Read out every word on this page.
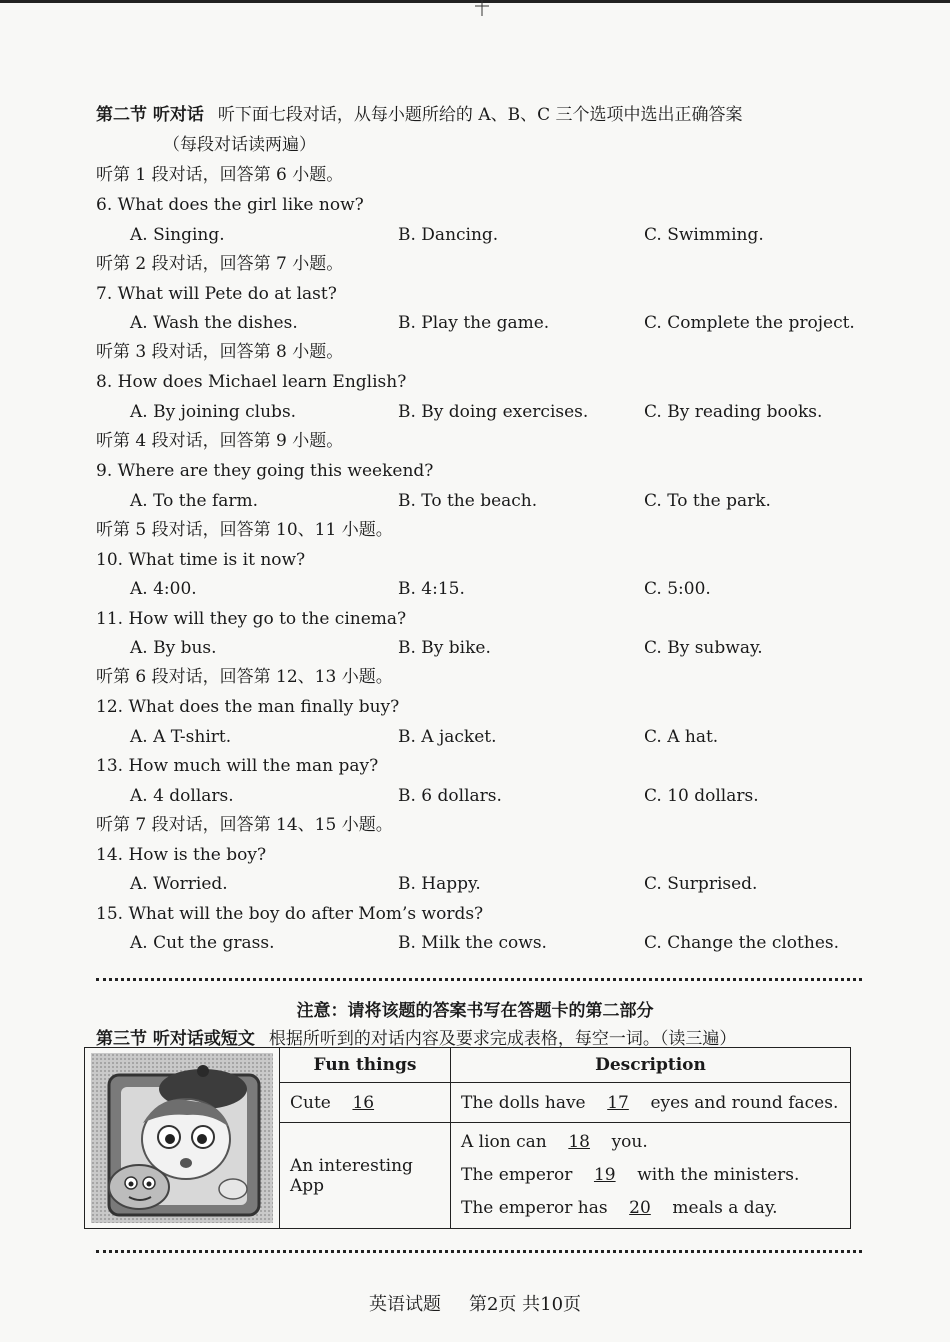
第二节 听对话 听下面七段对话，从每小题所给的 A、B、C 三个选项中选出正确答案
（每段对话读两遍）
听第 1 段对话，回答第 6 小题。
6. What does the girl like now?
A. Singing.	B. Dancing.	C. Swimming.
听第 2 段对话，回答第 7 小题。
7. What will Pete do at last?
A. Wash the dishes.	B. Play the game.	C. Complete the project.
听第 3 段对话，回答第 8 小题。
8. How does Michael learn English?
A. By joining clubs.	B. By doing exercises.	C. By reading books.
听第 4 段对话，回答第 9 小题。
9. Where are they going this weekend?
A. To the farm.	B. To the beach.	C. To the park.
听第 5 段对话，回答第 10、11 小题。
10. What time is it now?
A. 4:00.	B. 4:15.	C. 5:00.
11. How will they go to the cinema?
A. By bus.	B. By bike.	C. By subway.
听第 6 段对话，回答第 12、13 小题。
12. What does the man finally buy?
A. A T-shirt.	B. A jacket.	C. A hat.
13. How much will the man pay?
A. 4 dollars.	B. 6 dollars.	C. 10 dollars.
听第 7 段对话，回答第 14、15 小题。
14. How is the boy?
A. Worried.	B. Happy.	C. Surprised.
15. What will the boy do after Mom’s words?
A. Cut the grass.	B. Milk the cows.	C. Change the clothes.
注意：请将该题的答案书写在答题卡的第二部分
第三节 听对话或短文 根据所听到的对话内容及要求完成表格，每空一词。（读三遍）
	Fun things	Description
	Cute 16	The dolls have 17 eyes and round faces.
	An interesting App	A lion can 18 you.
The emperor 19 with the ministers.
The emperor has 20 meals a day.
英语试题 第2页 共10页
